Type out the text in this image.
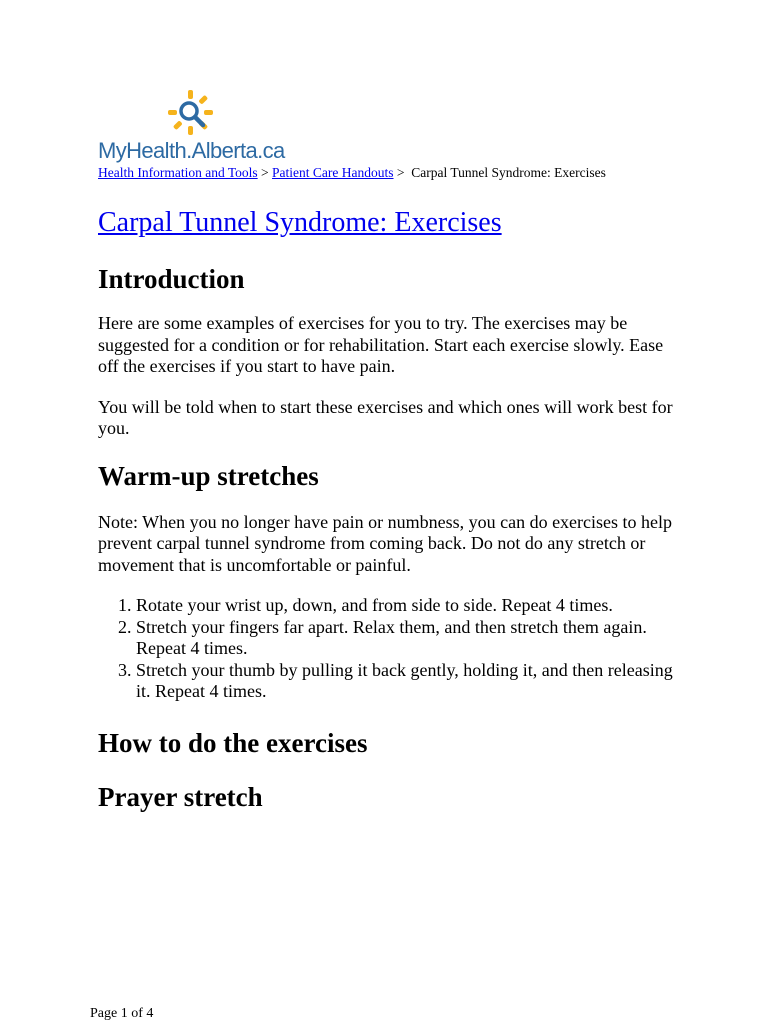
MyHealth.Alberta.ca
Health Information and Tools > Patient Care Handouts >  Carpal Tunnel Syndrome: Exercises
Carpal Tunnel Syndrome: Exercises
Introduction

Here are some examples of exercises for you to try. The exercises may be suggested for a condition or for rehabilitation. Start each exercise slowly. Ease off the exercises if you start to have pain.

You will be told when to start these exercises and which ones will work best for you.

Warm-up stretches

Note: When you no longer have pain or numbness, you can do exercises to help prevent carpal tunnel syndrome from coming back. Do not do any stretch or movement that is uncomfortable or painful.

1. Rotate your wrist up, down, and from side to side. Repeat 4 times.
2. Stretch your fingers far apart. Relax them, and then stretch them again. Repeat 4 times.
3. Stretch your thumb by pulling it back gently, holding it, and then releasing it. Repeat 4 times.
How to do the exercises
Prayer stretch
Page 1 of 4
